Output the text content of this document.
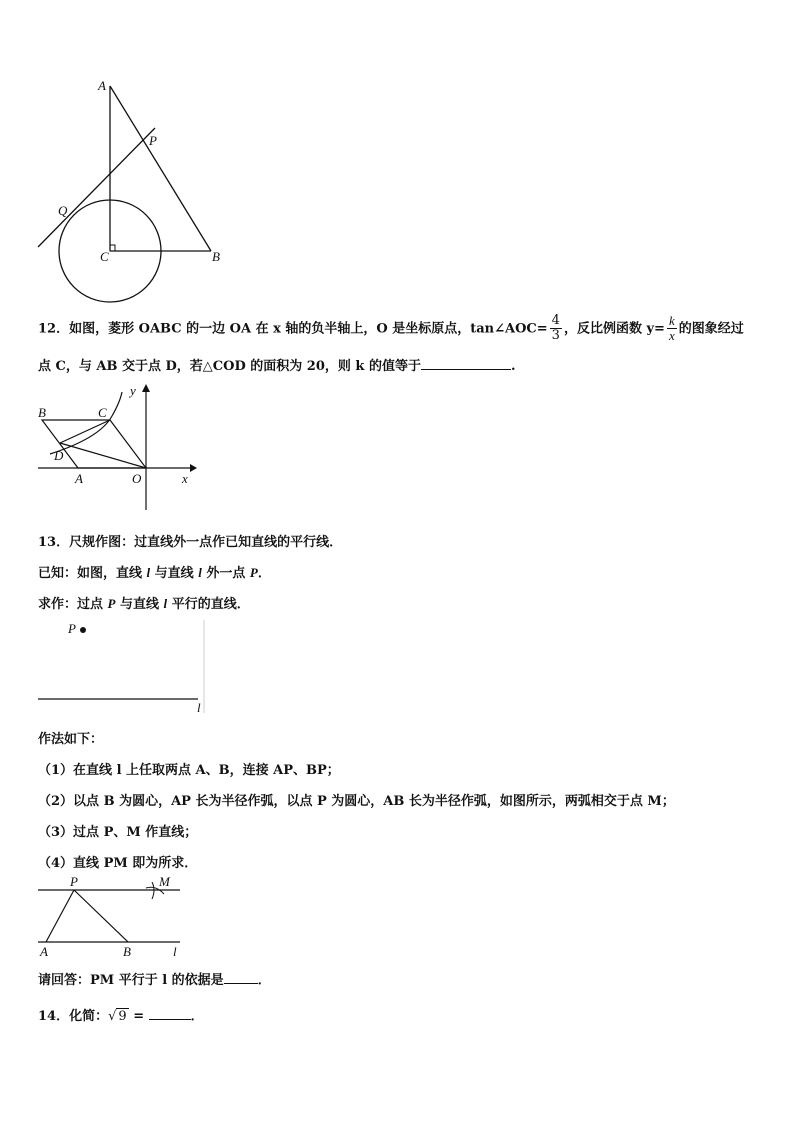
A
P
Q
C	B
12．如图，菱形 OABC 的一边 OA 在 x 轴的负半轴上，O 是坐标原点，tan∠AOC= $\frac{4}{3}$ ，反比例函数 $y= \frac{k}{x}$ 的图象经过
点 C，与 AB 交于点 D，若△COD 的面积为 20，则 k 的值等于	.
B	C
D
A	O	x
y
13．尺规作图：过直线外一点作已知直线的平行线．
已知：如图，直线 l 与直线 l 外一点 P．
求作：过点 P 与直线 l 平行的直线．
P
l
作法如下：
（1）在直线 l 上任取两点 A、B，连接 AP、BP；
（2）以点 B 为圆心，AP 长为半径作弧，以点 P 为圆心，AB 长为半径作弧，如图所示，两弧相交于点 M；
（3）过点 P、M 作直线；
（4）直线 PM 即为所求．
P	M
A	B	l
请回答：PM 平行于 l 的依据是	．
14．化简：√ 9 =	．
